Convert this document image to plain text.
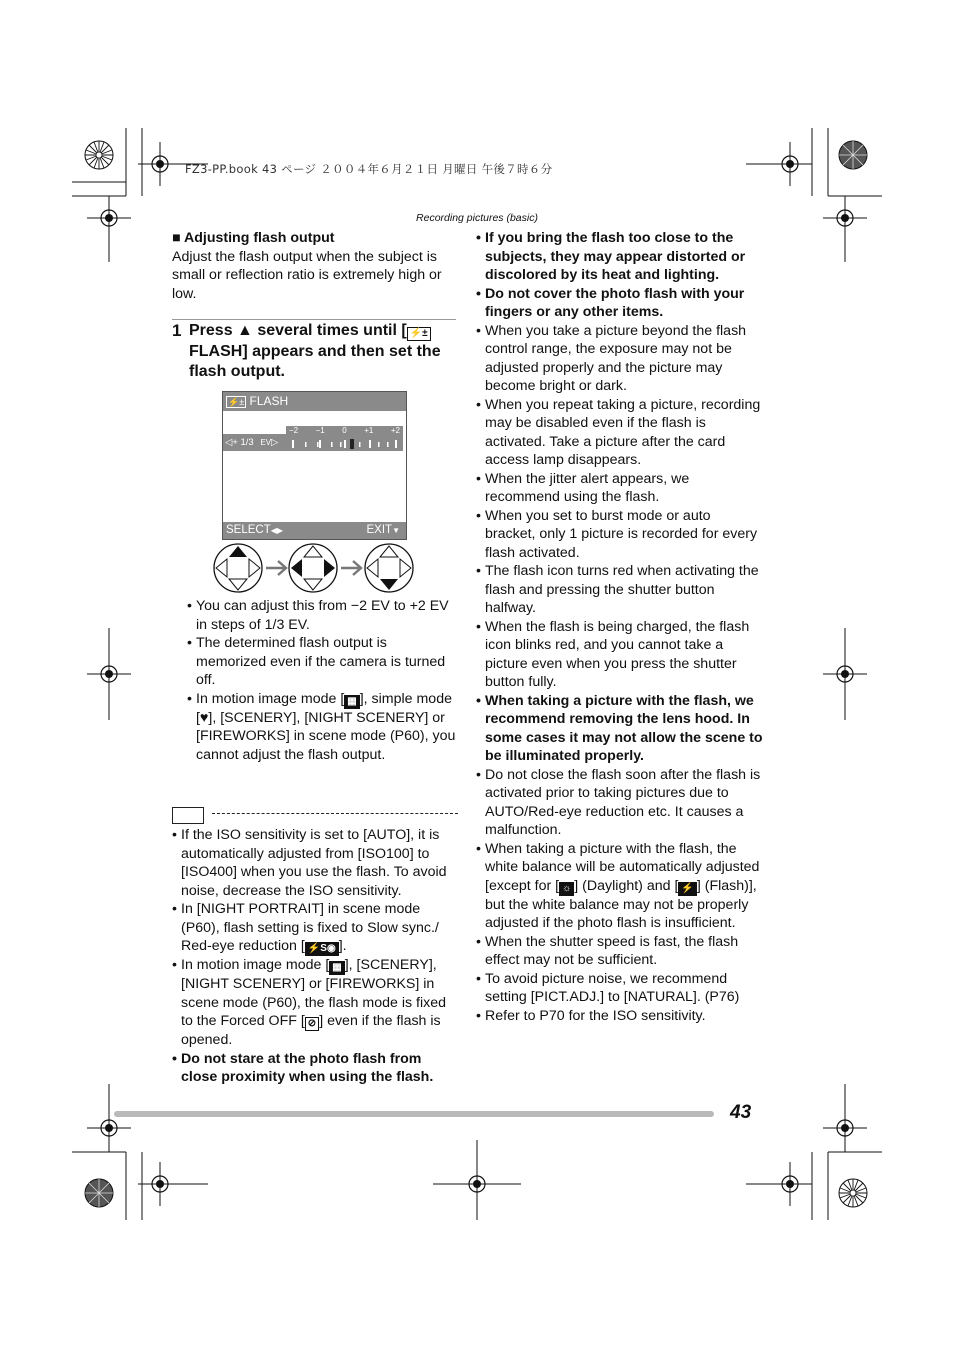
FZ3-PP.book 43 ページ ２００４年６月２１日 月曜日 午後７時６分
Recording pictures (basic)

■ Adjusting flash output

Adjust the flash output when the subject is small or reflection ratio is extremely high or low.

1 Press ▲ several times until [ ⚡± FLASH] appears and then set the flash output.
⚡± FLASH
◁+ 1/3 EV▷
−2 −1 0 +1 +2
SELECT◀▶	EXIT▼

• You can adjust this from −2 EV to +2 EV in steps of 1/3 EV.

• The determined flash output is memorized even if the camera is turned off.

• In motion image mode [ ▦ ], simple mode [♥], [SCENERY], [NIGHT SCENERY] or [FIREWORKS] in scene mode (P60), you cannot adjust the flash output.

• If the ISO sensitivity is set to [AUTO], it is automatically adjusted from [ISO100] to [ISO400] when you use the flash. To avoid noise, decrease the ISO sensitivity.

• In [NIGHT PORTRAIT] in scene mode (P60), flash setting is fixed to Slow sync./ Red-eye reduction [ ⚡S◉ ].

• In motion image mode [ ▦ ], [SCENERY], [NIGHT SCENERY] or [FIREWORKS] in scene mode (P60), the flash mode is fixed to the Forced OFF [ ⊘ ] even if the flash is opened.

• Do not stare at the photo flash from close proximity when using the flash.

• If you bring the flash too close to the subjects, they may appear distorted or discolored by its heat and lighting.

• Do not cover the photo flash with your fingers or any other items.

• When you take a picture beyond the flash control range, the exposure may not be adjusted properly and the picture may become bright or dark.

• When you repeat taking a picture, recording may be disabled even if the flash is activated. Take a picture after the card access lamp disappears.

• When the jitter alert appears, we recommend using the flash.

• When you set to burst mode or auto bracket, only 1 picture is recorded for every flash activated.

• The flash icon turns red when activating the flash and pressing the shutter button halfway.

• When the flash is being charged, the flash icon blinks red, and you cannot take a picture even when you press the shutter button fully.

• When taking a picture with the flash, we recommend removing the lens hood. In some cases it may not allow the scene to be illuminated properly.

• Do not close the flash soon after the flash is activated prior to taking pictures due to AUTO/Red-eye reduction etc. It causes a malfunction.

• When taking a picture with the flash, the white balance will be automatically adjusted [except for [ ☼ ] (Daylight) and [ ⚡ ] (Flash)], but the white balance may not be properly adjusted if the photo flash is insufficient.

• When the shutter speed is fast, the flash effect may not be sufficient.

• To avoid picture noise, we recommend setting [PICT.ADJ.] to [NATURAL]. (P76)

• Refer to P70 for the ISO sensitivity.

43
